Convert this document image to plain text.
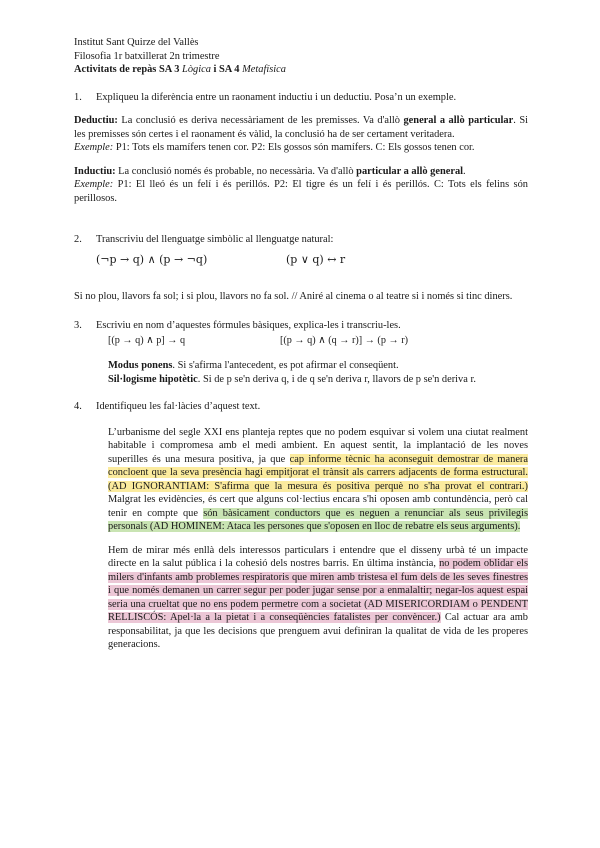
Institut Sant Quirze del Vallès
Filosofia 1r batxillerat 2n trimestre
Activitats de repàs SA 3 Lògica i SA 4 Metafísica
1.	Expliqueu la diferència entre un raonament inductiu i un deductiu. Posa’n un exemple.

Deductiu: La conclusió es deriva necessàriament de les premisses. Va d'allò general a allò particular. Si les premisses són certes i el raonament és vàlid, la conclusió ha de ser certament veritadera.

Exemple: P1: Tots els mamífers tenen cor. P2: Els gossos són mamífers. C: Els gossos tenen cor.

Inductiu: La conclusió només és probable, no necessària. Va d'allò particular a allò general.

Exemple: P1: El lleó és un felí i és perillós. P2: El tigre és un felí i és perillós. C: Tots els felins són perillosos.

2.	Transcriviu del llenguatge simbòlic al llenguatge natural:
(¬p → q) ∧ (p → ¬q)	(p ∨ q) ↔ r

Si no plou, llavors fa sol; i si plou, llavors no fa sol. // Aniré al cinema o al teatre si i només si tinc diners.

3.	Escriviu en nom d’aquestes fórmules bàsiques, explica-les i transcriu-les.
[(p → q) ∧ p] → q	[(p → q) ∧ (q → r)] → (p → r)

Modus ponens. Si s'afirma l'antecedent, es pot afirmar el conseqüent.

Sil·logisme hipotètic. Si de p se'n deriva q, i de q se'n deriva r, llavors de p se'n deriva r.

4.	Identifiqueu les fal·làcies d’aquest text.

L’urbanisme del segle XXI ens planteja reptes que no podem esquivar si volem una ciutat realment habitable i compromesa amb el medi ambient. En aquest sentit, la implantació de les noves superilles és una mesura positiva, ja que cap informe tècnic ha aconseguit demostrar de manera concloent que la seva presència hagi empitjorat el trànsit als carrers adjacents de forma estructural. (AD IGNORANTIAM: S'afirma que la mesura és positiva perquè no s'ha provat el contrari.) Malgrat les evidències, és cert que alguns col·lectius encara s'hi oposen amb contundència, però cal tenir en compte que són bàsicament conductors que es neguen a renunciar als seus privilegis personals (AD HOMINEM: Ataca les persones que s'oposen en lloc de rebatre els seus arguments).

Hem de mirar més enllà dels interessos particulars i entendre que el disseny urbà té un impacte directe en la salut pública i la cohesió dels nostres barris. En última instància, no podem oblidar els milers d'infants amb problemes respiratoris que miren amb tristesa el fum dels de les seves finestres i que només demanen un carrer segur per poder jugar sense por a enmalaltir; negar-los aquest espai seria una crueltat que no ens podem permetre com a societat (AD MISERICORDIAM o PENDENT RELLISCÓS: Apel·la a la pietat i a conseqüències fatalistes per convèncer.) Cal actuar ara amb responsabilitat, ja que les decisions que prenguem avui definiran la qualitat de vida de les properes generacions.
